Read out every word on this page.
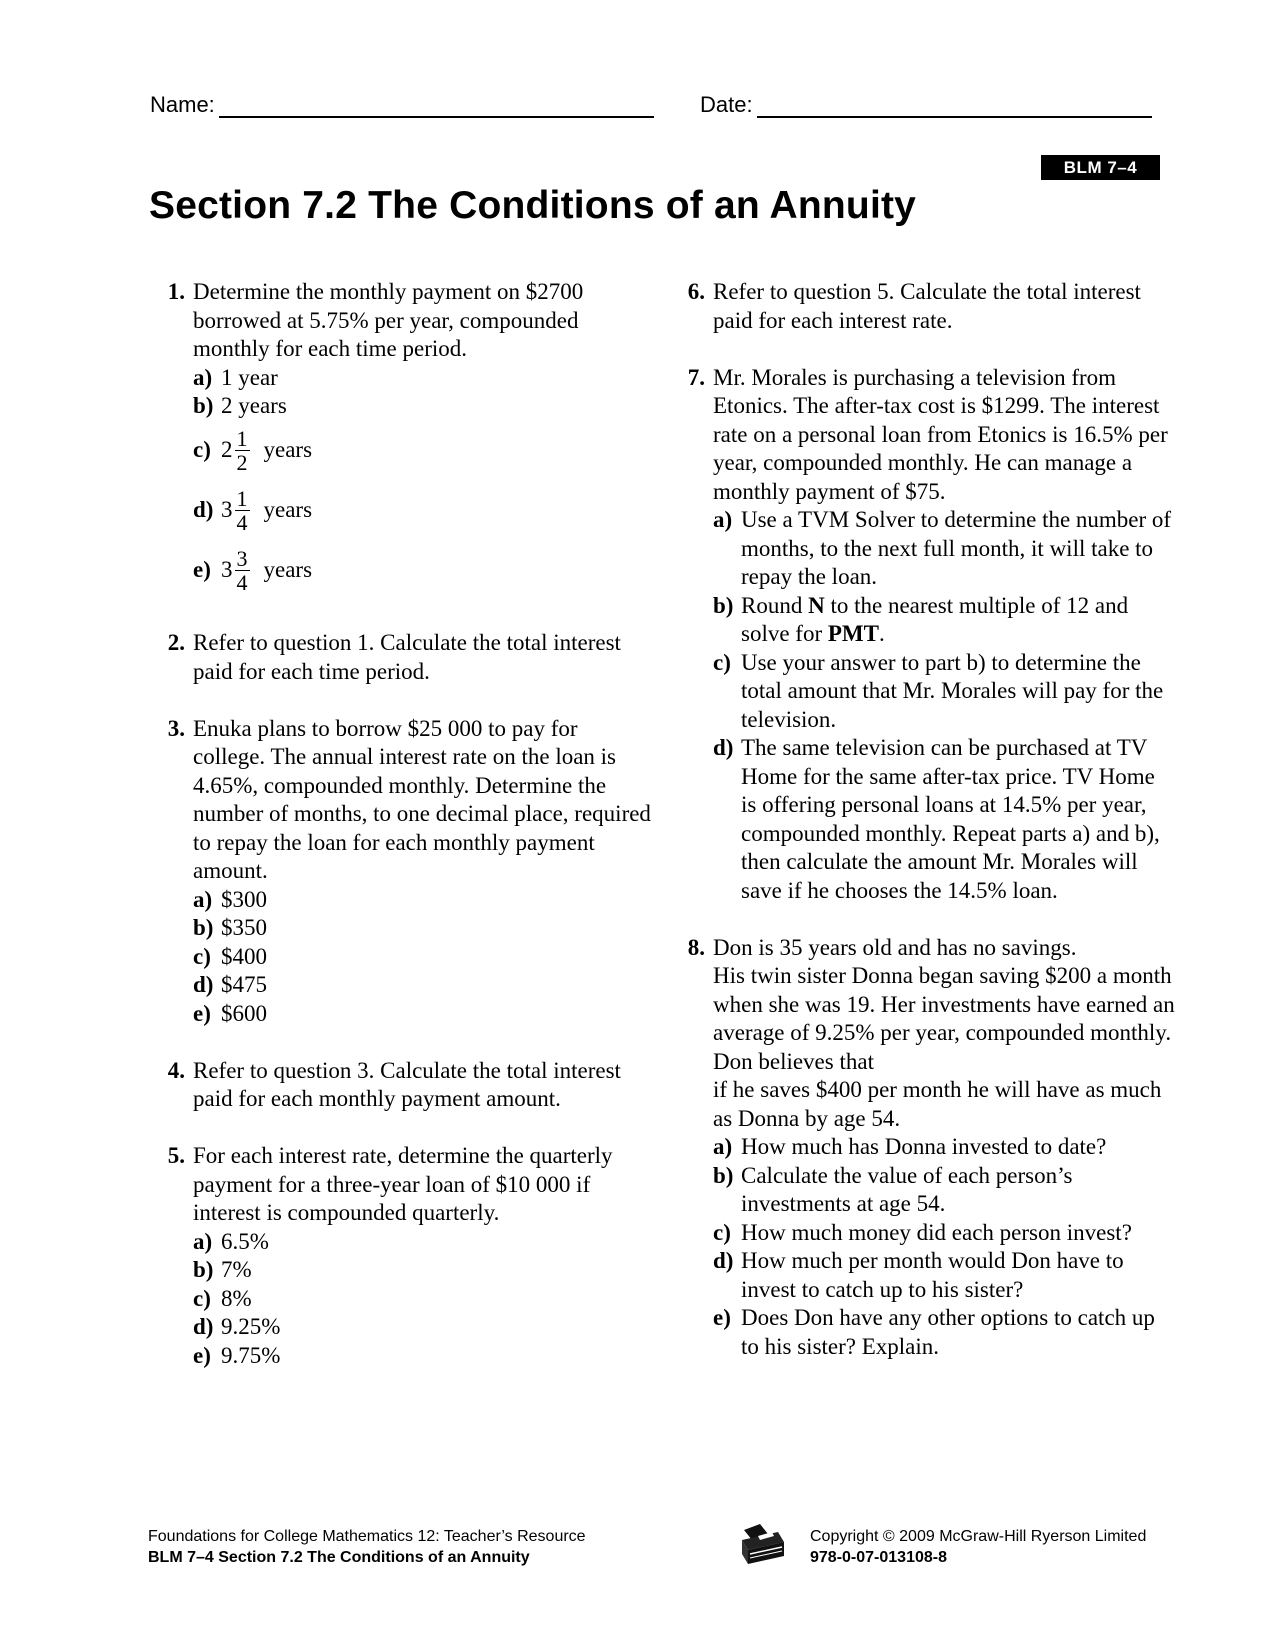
Name:	Date:
BLM 7–4
Section 7.2 The Conditions of an Annuity
1. Determine the monthly payment on $2700 borrowed at 5.75% per year, compounded monthly for each time period.
a) 1 year
b) 2 years
c) $2 \frac{1}{2}$ years
d) $3 \frac{1}{4}$ years
e) $3 \frac{3}{4}$ years
2. Refer to question 1. Calculate the total interest paid for each time period.
3. Enuka plans to borrow $25 000 to pay for college. The annual interest rate on the loan is 4.65%, compounded monthly. Determine the number of months, to one decimal place, required to repay the loan for each monthly payment amount.
a) $300
b) $350
c) $400
d) $475
e) $600
4. Refer to question 3. Calculate the total interest paid for each monthly payment amount.
5. For each interest rate, determine the quarterly payment for a three-year loan of $10 000 if interest is compounded quarterly.
a) 6.5%
b) 7%
c) 8%
d) 9.25%
e) 9.75%
6. Refer to question 5. Calculate the total interest paid for each interest rate.
7. Mr. Morales is purchasing a television from Etonics. The after-tax cost is $1299. The interest rate on a personal loan from Etonics is 16.5% per year, compounded monthly. He can manage a monthly payment of $75.
a) Use a TVM Solver to determine the number of months, to the next full month, it will take to repay the loan.
b) Round N to the nearest multiple of 12 and solve for PMT.
c) Use your answer to part b) to determine the total amount that Mr. Morales will pay for the television.
d) The same television can be purchased at TV Home for the same after-tax price. TV Home is offering personal loans at 14.5% per year, compounded monthly. Repeat parts a) and b), then calculate the amount Mr. Morales will save if he chooses the 14.5% loan.
8. Don is 35 years old and has no savings.
His twin sister Donna began saving $200 a month when she was 19. Her investments have earned an average of 9.25% per year, compounded monthly. Don believes that
if he saves $400 per month he will have as much as Donna by age 54.
a) How much has Donna invested to date?
b) Calculate the value of each person’s investments at age 54.
c) How much money did each person invest?
d) How much per month would Don have to invest to catch up to his sister?
e) Does Don have any other options to catch up to his sister? Explain.
Foundations for College Mathematics 12: Teacher’s Resource
BLM 7–4 Section 7.2 The Conditions of an Annuity
Copyright © 2009 McGraw-Hill Ryerson Limited
978-0-07-013108-8
